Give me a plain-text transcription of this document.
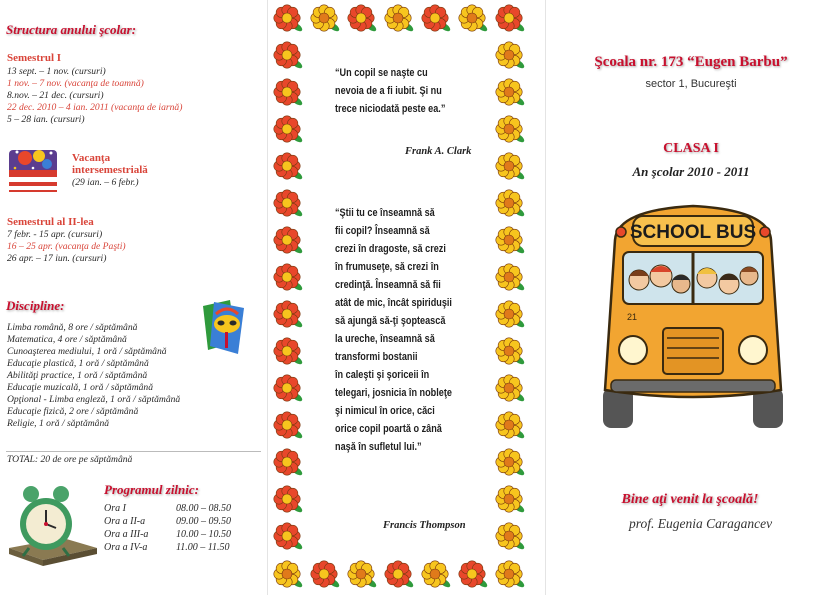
Structura anului şcolar:
Semestrul I
13 sept. – 1 nov. (cursuri)
1 nov. – 7 nov. (vacanţa de toamnă)
8.nov. – 21 dec. (cursuri)
22 dec. 2010 – 4 ian. 2011 (vacanţa de iarnă)
5 – 28 ian. (cursuri)
Vacanţa intersemestrială
(29 ian. – 6 febr.)
Semestrul al II-lea
7 febr. - 15 apr. (cursuri)
16 – 25 apr. (vacanţa de Paşti)
26 apr. – 17 iun. (cursuri)
Discipline:
Limba română, 8 ore / săptămână
Matematica, 4 ore / săptămână
Cunoaşterea mediului, 1 oră / săptămână
Educaţie plastică, 1 oră / săptămână
Abilităţi practice, 1 oră / săptămână
Educaţie muzicală, 1 oră / săptămână
Opţional - Limba engleză, 1 oră / săptămână
Educaţie fizică, 2 ore / săptămână
Religie, 1 oră / săptămână
TOTAL: 20 de ore pe săptămână
Programul zilnic:
Ora I	08.00 – 08.50
Ora a II-a	09.00 – 09.50
Ora a III-a	10.00 – 10.50
Ora a IV-a	11.00 – 11.50
“Un copil se naşte cu
nevoia de a fi iubit. Şi nu
trece niciodată peste ea.”
Frank A. Clark
“Ştii tu ce înseamnă să
fii copil? Înseamnă să
crezi în dragoste, să crezi
în frumuseţe, să crezi în
credinţă. Înseamnă să fii
atât de mic, încât spiriduşii
să ajungă să-ţi şoptească
la ureche, înseamnă să
transformi bostanii
în caleşti şi şoriceii în
telegari, josnicia în nobleţe
şi nimicul în orice, căci
orice copil poartă o zână
naşă în sufletul lui.”
Francis Thompson
Şcoala nr. 173 “Eugen Barbu”
sector 1, Bucureşti
CLASA I
An şcolar 2010 - 2011
SCHOOL BUS
21
Bine aţi venit la şcoală!
prof. Eugenia Caragancev
